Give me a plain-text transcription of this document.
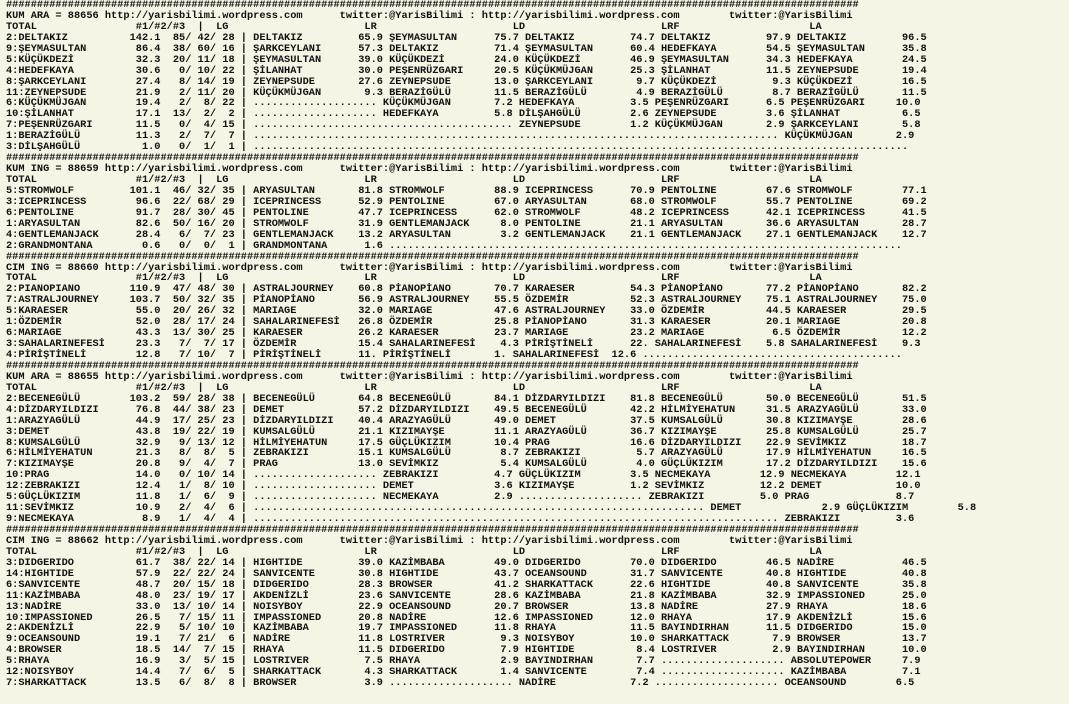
##########################################################################################################################################
KUM ARA = 88656 http://yarisbilimi.wordpress.com      twitter:@YarisBilimi : http://yarisbilimi.wordpress.com        twitter:@YarisBilimi
TOTAL                #1/#2/#3  |  LG                      LR                      LD                      LRF                     LA
2:DELTAKIZ          142.1  85/ 42/ 28 | DELTAKIZ         65.9 ŞEYMASULTAN      75.7 DELTAKIZ         74.7 DELTAKIZ         97.9 DELTAKIZ         96.5
9:ŞEYMASULTAN        86.4  38/ 60/ 16 | ŞARKCEYLANI      57.3 DELTAKIZ         71.4 ŞEYMASULTAN      60.4 HEDEFKAYA        54.5 ŞEYMASULTAN      35.8
5:KÜÇÜKDEZİ          32.3  20/ 11/ 18 | ŞEYMASULTAN      39.0 KÜÇÜKDEZİ        24.0 KÜÇÜKDEZİ        46.9 ŞEYMASULTAN      34.3 HEDEFKAYA        24.5
4:HEDEFKAYA          30.6   0/ 10/ 22 | ŞİLANHAT         30.0 PEŞENRÜZGARI     20.5 KÜÇÜKMÜJGAN      25.3 ŞİLANHAT         11.5 ZEYNEPSUDE       19.4
8:ŞARKCEYLANI        27.4   8/ 14/ 19 | ZEYNEPSUDE       27.6 ZEYNEPSUDE       13.0 ŞARKCEYLANI       9.7 KÜÇÜKDEZİ         9.3 KÜÇÜKDEZİ        16.5
11:ZEYNEPSUDE        21.9   2/ 11/ 20 | KÜÇÜKMÜJGAN       9.3 BERAZİGÜLÜ       11.5 BERAZİGÜLÜ        4.9 BERAZİGÜLÜ        8.7 BERAZİGÜLÜ       11.5
6:KÜÇÜKMÜJGAN        19.4   2/  8/ 22 | .................... KÜÇÜKMÜJGAN       7.2 HEDEFKAYA         3.5 PEŞENRÜZGARI      6.5 PEŞENRÜZGARI     10.0
10:ŞİLANHAT          17.1  13/  2/  2 | .................... HEDEFKAYA         5.8 DİLŞAHGÜLÜ        2.6 ZEYNEPSUDE        3.6 ŞİLANHAT          6.5
7:PEŞENRÜZGARI       11.5   0/  4/ 15 | .......................................... ZEYNEPSUDE        1.2 KÜÇÜKMÜJGAN       2.9 ŞARKCEYLANI       5.8
1:BERAZİGÜLÜ         11.3   2/  7/  7 | ..................................................................................... KÜÇÜKMÜJGAN       2.9
3:DİLŞAHGÜLÜ          1.0   0/  1/  1 | ..........................................................................................................
##########################################################################################################################################
KUM ING = 88659 http://yarisbilimi.wordpress.com      twitter:@YarisBilimi : http://yarisbilimi.wordpress.com        twitter:@YarisBilimi
TOTAL                #1/#2/#3  |  LG                      LR                      LD                      LRF                     LA
5:STROMWOLF         101.1  46/ 32/ 35 | ARYASULTAN       81.8 STROMWOLF        88.9 ICEPRINCESS      70.9 PENTOLINE        67.6 STROMWOLF        77.1
3:ICEPRINCESS        96.6  22/ 68/ 29 | ICEPRINCESS      52.9 PENTOLINE        67.0 ARYASULTAN       68.0 STROMWOLF        55.7 PENTOLINE        69.2
6:PENTOLINE          91.7  28/ 30/ 45 | PENTOLINE        47.7 ICEPRINCESS      62.0 STROMWOLF        48.2 ICEPRINCESS      42.1 ICEPRINCESS      41.5
1:ARYASULTAN         82.6  50/ 16/ 20 | STROMWOLF        31.9 GENTLEMANJACK     8.0 PENTOLINE        21.1 ARYASULTAN       36.6 ARYASULTAN       28.7
4:GENTLEMANJACK      28.4   6/  7/ 23 | GENTLEMANJACK    13.2 ARYASULTAN        3.2 GENTLEMANJACK    21.1 GENTLEMANJACK    27.1 GENTLEMANJACK    12.7
2:GRANDMONTANA        0.6   0/  0/  1 | GRANDMONTANA      1.6 ...................................................................................
##########################################################################################################################################
CIM ING = 88660 http://yarisbilimi.wordpress.com      twitter:@YarisBilimi : http://yarisbilimi.wordpress.com        twitter:@YarisBilimi
TOTAL                #1/#2/#3  |  LG                      LR                      LD                      LRF                     LA
2:PIANOPIANO        110.9  47/ 48/ 30 | ASTRALJOURNEY    60.8 PİANOPİANO       70.7 KARAESER         54.3 PİANOPİANO       77.2 PİANOPİANO       82.2
7:ASTRALJOURNEY     103.7  50/ 32/ 35 | PİANOPİANO       56.9 ASTRALJOURNEY    55.5 ÖZDEMİR          52.3 ASTRALJOURNEY    75.1 ASTRALJOURNEY    75.0
5:KARAESER           55.0  20/ 26/ 32 | MARIAGE          32.0 MARIAGE          47.6 ASTRALJOURNEY    33.0 ÖZDEMİR          44.5 KARAESER         29.5
1:ÖZDEMİR            52.0  28/ 17/ 24 | SAHALARINEFESİ   26.8 ÖZDEMİR          25.8 PİANOPİANO       31.3 KARAESER         20.1 MARIAGE          20.8
6:MARIAGE            43.3  13/ 30/ 25 | KARAESER         26.2 KARAESER         23.7 MARIAGE          23.2 MARIAGE           6.5 ÖZDEMİR          12.2
3:SAHALARINEFESİ     23.3   7/  7/ 17 | ÖZDEMİR          15.4 SAHALARINEFESİ    4.3 PİRİŞTİNELİ      22. SAHALARINEFESİ    5.8 SAHALARINEFESİ    9.3
4:PİRİŞTİNELİ        12.8   7/ 10/  7 | PİRİŞTİNELİ      11. PİRİŞTİNELİ       1. SAHALARINEFESİ  12.6 ..........................................
##########################################################################################################################################
KUM ARA = 88655 http://yarisbilimi.wordpress.com      twitter:@YarisBilimi : http://yarisbilimi.wordpress.com        twitter:@YarisBilimi
TOTAL                #1/#2/#3  |  LG                      LR                      LD                      LRF                     LA
2:BECENEGÜLÜ        103.2  59/ 28/ 38 | BECENEGÜLÜ       64.8 BECENEGÜLÜ       84.1 DİZDARYILDIZI    81.8 BECENEGÜLÜ       50.0 BECENEGÜLÜ       51.5
4:DİZDARYILDIZI      76.8  44/ 38/ 23 | DEMET            57.2 DİZDARYILDIZI    49.5 BECENEGÜLÜ       42.2 HİLMİYEHATUN     31.5 ARAZYAGÜLÜ       33.0
1:ARAZYAGÜLÜ         44.9  17/ 25/ 23 | DİZDARYILDIZI    40.4 ARAZYAGÜLÜ       49.0 DEMET            37.5 KUMSALGÜLÜ       30.8 KIZIMAYŞE        28.6
3:DEMET              43.8  19/ 22/ 19 | KUMSALGÜLÜ       21.1 KIZIMAYŞE        11.1 ARAZYAGÜLÜ       36.7 KIZIMAYŞE        25.8 KUMSALGÜLÜ       25.7
8:KUMSALGÜLÜ         32.9   9/ 13/ 12 | HİLMİYEHATUN     17.5 GÜÇLÜKIZIM       10.4 PRAG             16.6 DİZDARYILDIZI    22.9 SEVİMKIZ         18.7
6:HİLMİYEHATUN       21.3   8/  8/  5 | ZEBRAKIZI        15.1 KUMSALGÜLÜ        8.7 ZEBRAKIZI         5.7 ARAZYAGÜLÜ       17.9 HİLMİYEHATUN     16.5
7:KIZIMAYŞE          20.8   9/  4/  7 | PRAG             13.0 SEVİMKIZ          5.4 KUMSALGÜLÜ        4.0 GÜÇLÜKIZIM       17.2 DİZDARYILDIZI    15.6
10:PRAG              14.0   0/ 10/ 14 | .................... ZEBRAKIZI         4.7 GÜÇLÜKIZIM        3.5 NECMEKAYA        12.9 NECMEKAYA        12.1
12:ZEBRAKIZI         12.4   1/  8/ 10 | .................... DEMET             3.6 KIZIMAYŞE         1.2 SEVİMKIZ         12.2 DEMET            10.0
5:GÜÇLÜKIZIM         11.8   1/  6/  9 | .................... NECMEKAYA         2.9 .................... ZEBRAKIZI         5.0 PRAG              8.7
11:SEVİMKIZ          10.9   2/  4/  6 | ......................................................................... DEMET             2.9 GÜÇLÜKIZIM        5.8
9:NECMEKAYA           8.9   1/  4/  4 | ..................................................................................... ZEBRAKIZI         3.6
##########################################################################################################################################
CIM ING = 88662 http://yarisbilimi.wordpress.com      twitter:@YarisBilimi : http://yarisbilimi.wordpress.com        twitter:@YarisBilimi
TOTAL                #1/#2/#3  |  LG                      LR                      LD                      LRF                     LA
3:DIDGERIDO          61.7  38/ 22/ 14 | HIGHTIDE         39.0 KAZİMBABA        49.0 DIDGERIDO        70.0 DIDGERIDO        46.5 NADİRE           46.5
14:HIGHTIDE          57.9  22/ 22/ 24 | SANVICENTE       30.8 HIGHTIDE         43.7 OCEANSOUND       31.7 SANVICENTE       40.8 HIGHTIDE         40.8
6:SANVICENTE         48.7  20/ 15/ 18 | DIDGERIDO        28.3 BROWSER          41.2 SHARKATTACK      22.6 HIGHTIDE         40.8 SANVICENTE       35.8
11:KAZİMBABA         48.0  23/ 19/ 17 | AKDENİZLİ        23.6 SANVICENTE       28.6 KAZİMBABA        21.8 KAZİMBABA        32.9 IMPASSIONED      25.0
13:NADİRE            33.0  13/ 10/ 14 | NOISYBOY         22.9 OCEANSOUND       20.7 BROWSER          13.8 NADİRE           27.9 RHAYA            18.6
10:IMPASSIONED       26.5   7/ 15/ 11 | IMPASSIONED      20.8 NADİRE           12.6 IMPASSIONED      12.0 RHAYA            17.9 AKDENİZLİ        15.6
2:AKDENİZLİ          22.9   5/ 10/ 10 | KAZİMBABA        19.7 IMPASSIONED      11.8 RHAYA            11.5 BAYINDIRHAN      11.5 DIDGERIDO        15.0
9:OCEANSOUND         19.1   7/ 21/  6 | NADİRE           11.8 LOSTRIVER         9.3 NOISYBOY         10.0 SHARKATTACK       7.9 BROWSER          13.7
4:BROWSER            18.5  14/  7/ 15 | RHAYA            11.5 DIDGERIDO         7.9 HIGHTIDE          8.4 LOSTRIVER         2.9 BAYINDIRHAN      10.0
5:RHAYA              16.9   3/  5/ 15 | LOSTRIVER         7.5 RHAYA             2.9 BAYINDIRHAN       7.7 .................... ABSOLUTEPOWER     7.9
12:NOISYBOY          14.4   7/  6/  5 | SHARKATTACK       4.3 SHARKATTACK       1.4 SANVICENTE        7.4 .................... KAZİMBABA         7.1
7:SHARKATTACK        13.5   6/  8/  8 | BROWSER           3.9 .................... NADİRE            7.2 .................... OCEANSOUND        6.5
